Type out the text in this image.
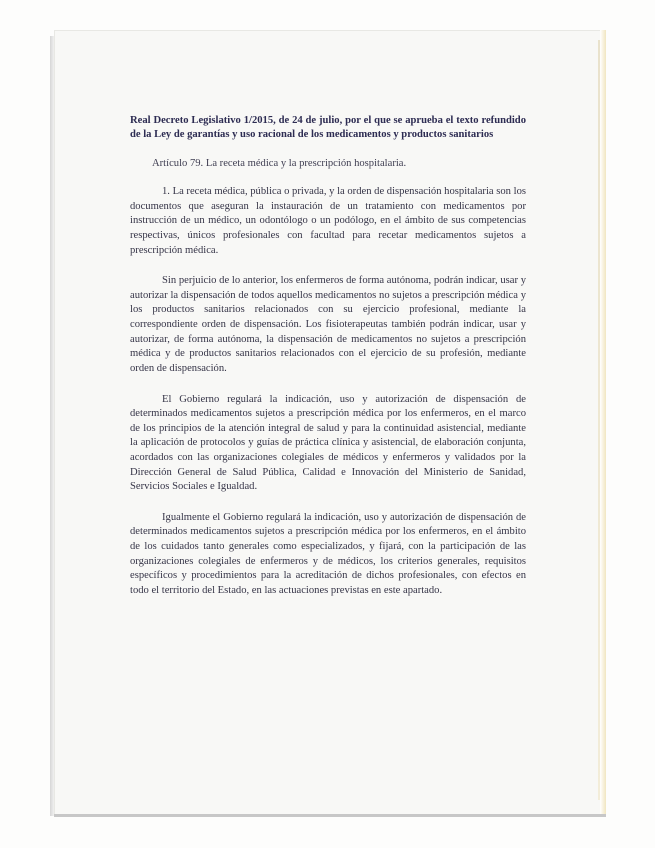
Real Decreto Legislativo 1/2015, de 24 de julio, por el que se aprueba el texto refundido de la Ley de garantías y uso racional de los medicamentos y productos sanitarios

Artículo 79. La receta médica y la prescripción hospitalaria.

1. La receta médica, pública o privada, y la orden de dispensación hospitalaria son los documentos que aseguran la instauración de un tratamiento con medicamentos por instrucción de un médico, un odontólogo o un podólogo, en el ámbito de sus competencias respectivas, únicos profesionales con facultad para recetar medicamentos sujetos a prescripción médica.

Sin perjuicio de lo anterior, los enfermeros de forma autónoma, podrán indicar, usar y autorizar la dispensación de todos aquellos medicamentos no sujetos a prescripción médica y los productos sanitarios relacionados con su ejercicio profesional, mediante la correspondiente orden de dispensación. Los fisioterapeutas también podrán indicar, usar y autorizar, de forma autónoma, la dispensación de medicamentos no sujetos a prescripción médica y de productos sanitarios relacionados con el ejercicio de su profesión, mediante orden de dispensación.

El Gobierno regulará la indicación, uso y autorización de dispensación de determinados medicamentos sujetos a prescripción médica por los enfermeros, en el marco de los principios de la atención integral de salud y para la continuidad asistencial, mediante la aplicación de protocolos y guías de práctica clínica y asistencial, de elaboración conjunta, acordados con las organizaciones colegiales de médicos y enfermeros y validados por la Dirección General de Salud Pública, Calidad e Innovación del Ministerio de Sanidad, Servicios Sociales e Igualdad.

Igualmente el Gobierno regulará la indicación, uso y autorización de dispensación de determinados medicamentos sujetos a prescripción médica por los enfermeros, en el ámbito de los cuidados tanto generales como especializados, y fijará, con la participación de las organizaciones colegiales de enfermeros y de médicos, los criterios generales, requisitos específicos y procedimientos para la acreditación de dichos profesionales, con efectos en todo el territorio del Estado, en las actuaciones previstas en este apartado.
